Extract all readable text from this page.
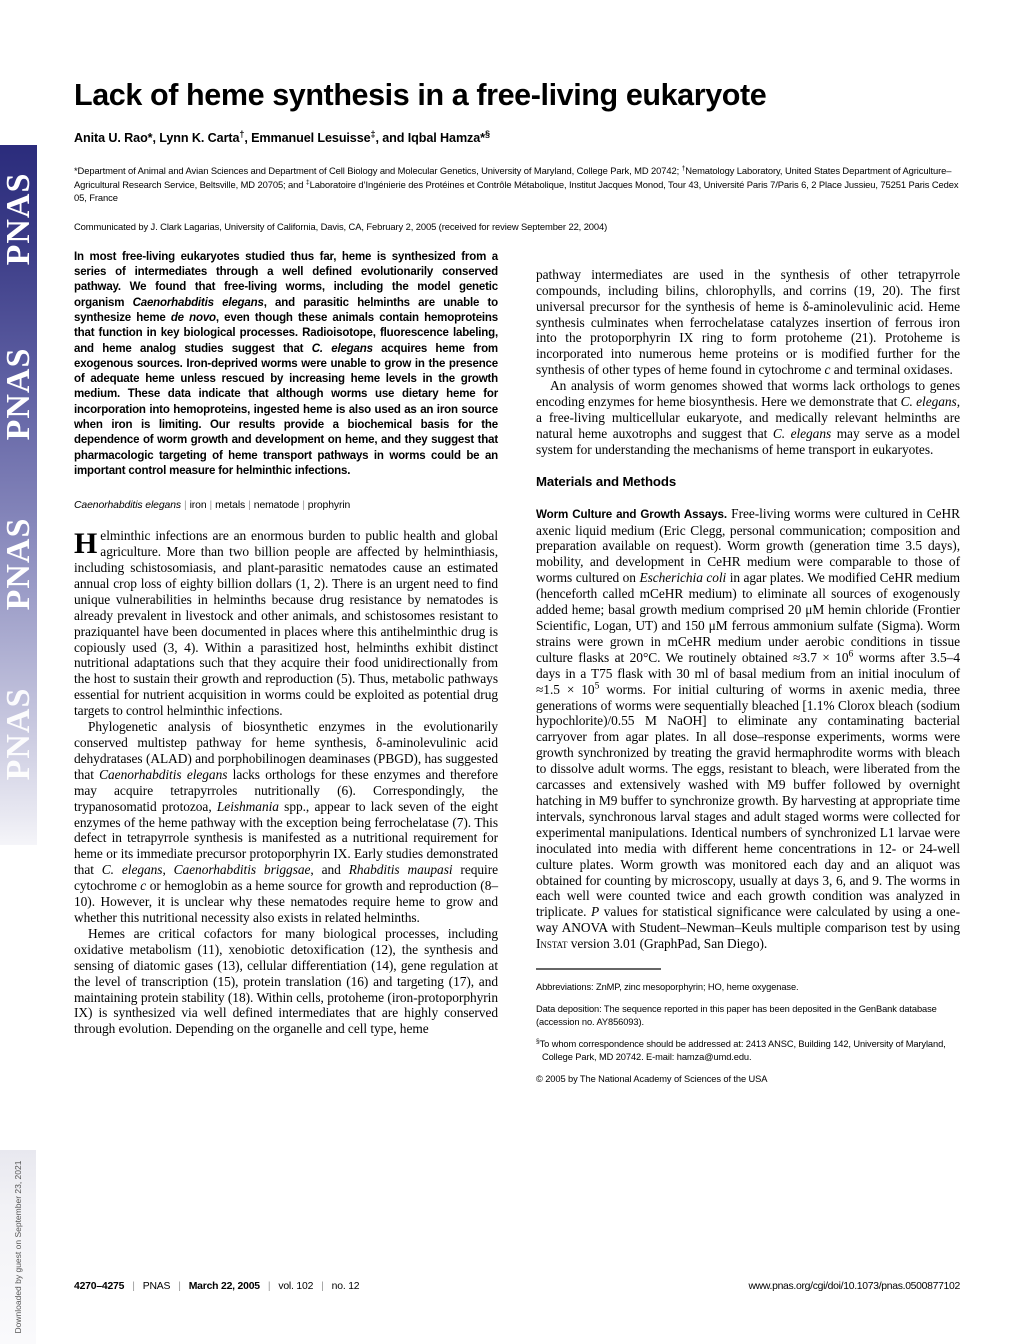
PNAS
PNAS
PNAS
PNAS
Downloaded by guest on September 23, 2021
Lack of heme synthesis in a free-living eukaryote
Anita U. Rao*, Lynn K. Carta†, Emmanuel Lesuisse‡, and Iqbal Hamza*§
*Department of Animal and Avian Sciences and Department of Cell Biology and Molecular Genetics, University of Maryland, College Park, MD 20742; †Nematology Laboratory, United States Department of Agriculture–Agricultural Research Service, Beltsville, MD 20705; and ‡Laboratoire d’Ingénierie des Protéines et Contrôle Métabolique, Institut Jacques Monod, Tour 43, Université Paris 7/Paris 6, 2 Place Jussieu, 75251 Paris Cedex 05, France
Communicated by J. Clark Lagarias, University of California, Davis, CA, February 2, 2005 (received for review September 22, 2004)

In most free-living eukaryotes studied thus far, heme is synthesized from a series of intermediates through a well defined evolutionarily conserved pathway. We found that free-living worms, including the model genetic organism Caenorhabditis elegans, and parasitic helminths are unable to synthesize heme de novo, even though these animals contain hemoproteins that function in key biological processes. Radioisotope, fluorescence labeling, and heme analog studies suggest that C. elegans acquires heme from exogenous sources. Iron-deprived worms were unable to grow in the presence of adequate heme unless rescued by increasing heme levels in the growth medium. These data indicate that although worms use dietary heme for incorporation into hemoproteins, ingested heme is also used as an iron source when iron is limiting. Our results provide a biochemical basis for the dependence of worm growth and development on heme, and they suggest that pharmacologic targeting of heme transport pathways in worms could be an important control measure for helminthic infections.

Caenorhabditis elegans | iron | metals | nematode | prophyrin

Helminthic infections are an enormous burden to public health and global agriculture. More than two billion people are affected by helminthiasis, including schistosomiasis, and plant-parasitic nematodes cause an estimated annual crop loss of eighty billion dollars (1, 2). There is an urgent need to find unique vulnerabilities in helminths because drug resistance by nematodes is already prevalent in livestock and other animals, and schistosomes resistant to praziquantel have been documented in places where this antihelminthic drug is copiously used (3, 4). Within a parasitized host, helminths exhibit distinct nutritional adaptations such that they acquire their food unidirectionally from the host to sustain their growth and reproduction (5). Thus, metabolic pathways essential for nutrient acquisition in worms could be exploited as potential drug targets to control helminthic infections.

Phylogenetic analysis of biosynthetic enzymes in the evolutionarily conserved multistep pathway for heme synthesis, δ-aminolevulinic acid dehydratases (ALAD) and porphobilinogen deaminases (PBGD), has suggested that Caenorhabditis elegans lacks orthologs for these enzymes and therefore may acquire tetrapyrroles nutritionally (6). Correspondingly, the trypanosomatid protozoa, Leishmania spp., appear to lack seven of the eight enzymes of the heme pathway with the exception being ferrochelatase (7). This defect in tetrapyrrole synthesis is manifested as a nutritional requirement for heme or its immediate precursor protoporphyrin IX. Early studies demonstrated that C. elegans, Caenorhabditis briggsae, and Rhabditis maupasi require cytochrome c or hemoglobin as a heme source for growth and reproduction (8–10). However, it is unclear why these nematodes require heme to grow and whether this nutritional necessity also exists in related helminths.

Hemes are critical cofactors for many biological processes, including oxidative metabolism (11), xenobiotic detoxification (12), the synthesis and sensing of diatomic gases (13), cellular differentiation (14), gene regulation at the level of transcription (15), protein translation (16) and targeting (17), and maintaining protein stability (18). Within cells, protoheme (iron-protoporphyrin IX) is synthesized via well defined intermediates that are highly conserved through evolution. Depending on the organelle and cell type, heme

pathway intermediates are used in the synthesis of other tetrapyrrole compounds, including bilins, chlorophylls, and corrins (19, 20). The first universal precursor for the synthesis of heme is δ-aminolevulinic acid. Heme synthesis culminates when ferrochelatase catalyzes insertion of ferrous iron into the protoporphyrin IX ring to form protoheme (21). Protoheme is incorporated into numerous heme proteins or is modified further for the synthesis of other types of heme found in cytochrome c and terminal oxidases.

An analysis of worm genomes showed that worms lack orthologs to genes encoding enzymes for heme biosynthesis. Here we demonstrate that C. elegans, a free-living multicellular eukaryote, and medically relevant helminths are natural heme auxotrophs and suggest that C. elegans may serve as a model system for understanding the mechanisms of heme transport in eukaryotes.

Materials and Methods

Worm Culture and Growth Assays. Free-living worms were cultured in CeHR axenic liquid medium (Eric Clegg, personal communication; composition and preparation available on request). Worm growth (generation time 3.5 days), mobility, and development in CeHR medium were comparable to those of worms cultured on Escherichia coli in agar plates. We modified CeHR medium (henceforth called mCeHR medium) to eliminate all sources of exogenously added heme; basal growth medium comprised 20 μM hemin chloride (Frontier Scientific, Logan, UT) and 150 μM ferrous ammonium sulfate (Sigma). Worm strains were grown in mCeHR medium under aerobic conditions in tissue culture flasks at 20°C. We routinely obtained $\approx 3.7 \times 10^6$ worms after 3.5–4 days in a T75 flask with 30 ml of basal medium from an initial inoculum of $\approx 1.5 \times 10^5$ worms. For initial culturing of worms in axenic media, three generations of worms were sequentially bleached [1.1% Clorox bleach (sodium hypochlorite)/0.55 M NaOH] to eliminate any contaminating bacterial carryover from agar plates. In all dose–response experiments, worms were growth synchronized by treating the gravid hermaphrodite worms with bleach to dissolve adult worms. The eggs, resistant to bleach, were liberated from the carcasses and extensively washed with M9 buffer followed by overnight hatching in M9 buffer to synchronize growth. By harvesting at appropriate time intervals, synchronous larval stages and adult staged worms were collected for experimental manipulations. Identical numbers of synchronized L1 larvae were inoculated into media with different heme concentrations in 12- or 24-well culture plates. Worm growth was monitored each day and an aliquot was obtained for counting by microscopy, usually at days 3, 6, and 9. The worms in each well were counted twice and each growth condition was analyzed in triplicate. P values for statistical significance were calculated by using a one-way ANOVA with Student–Newman–Keuls multiple comparison test by using Instat version 3.01 (GraphPad, San Diego).

Abbreviations: ZnMP, zinc mesoporphyrin; HO, heme oxygenase.

Data deposition: The sequence reported in this paper has been deposited in the GenBank database (accession no. AY856093).

§To whom correspondence should be addressed at: 2413 ANSC, Building 142, University of Maryland, College Park, MD 20742. E-mail: hamza@umd.edu.

© 2005 by The National Academy of Sciences of the USA

4270–4275 | PNAS | March 22, 2005 | vol. 102 | no. 12	www.pnas.org/cgi/doi/10.1073/pnas.0500877102
